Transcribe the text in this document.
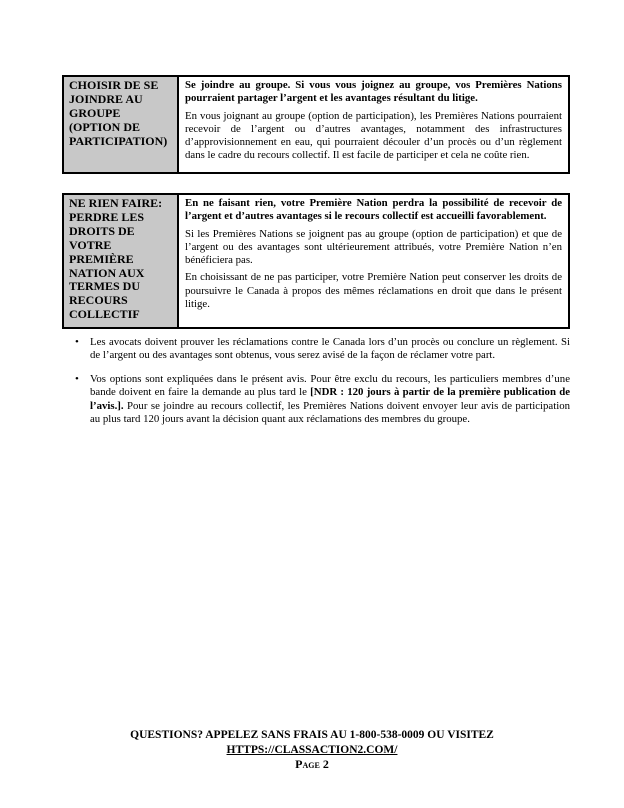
CHOISIR DE SE JOINDRE AU GROUPE (OPTION DE PARTICIPATION)

Se joindre au groupe. Si vous vous joignez au groupe, vos Premières Nations pourraient partager l’argent et les avantages résultant du litige.

En vous joignant au groupe (option de participation), les Premières Nations pourraient recevoir de l’argent ou d’autres avantages, notamment des infrastructures d’approvisionnement en eau, qui pourraient découler d’un procès ou d’un règlement dans le cadre du recours collectif. Il est facile de participer et cela ne coûte rien.

NE RIEN FAIRE: PERDRE LES DROITS DE VOTRE PREMIÈRE NATION AUX TERMES DU RECOURS COLLECTIF

En ne faisant rien, votre Première Nation perdra la possibilité de recevoir de l’argent et d’autres avantages si le recours collectif est accueilli favorablement.

Si les Premières Nations se joignent pas au groupe (option de participation) et que de l’argent ou des avantages sont ultérieurement attribués, votre Première Nation n’en bénéficiera pas.

En choisissant de ne pas participer, votre Première Nation peut conserver les droits de poursuivre le Canada à propos des mêmes réclamations en droit que dans le présent litige.

•	Les avocats doivent prouver les réclamations contre le Canada lors d’un procès ou conclure un règlement. Si de l’argent ou des avantages sont obtenus, vous serez avisé de la façon de réclamer votre part.
•	Vos options sont expliquées dans le présent avis. Pour être exclu du recours, les particuliers membres d’une bande doivent en faire la demande au plus tard le [NDR : 120 jours à partir de la première publication de l’avis.]. Pour se joindre au recours collectif, les Premières Nations doivent envoyer leur avis de participation au plus tard 120 jours avant la décision quant aux réclamations des membres du groupe.
QUESTIONS? APPELEZ SANS FRAIS AU 1-800-538-0009 OU VISITEZ
HTTPS://CLASSACTION2.COM/
Page 2
